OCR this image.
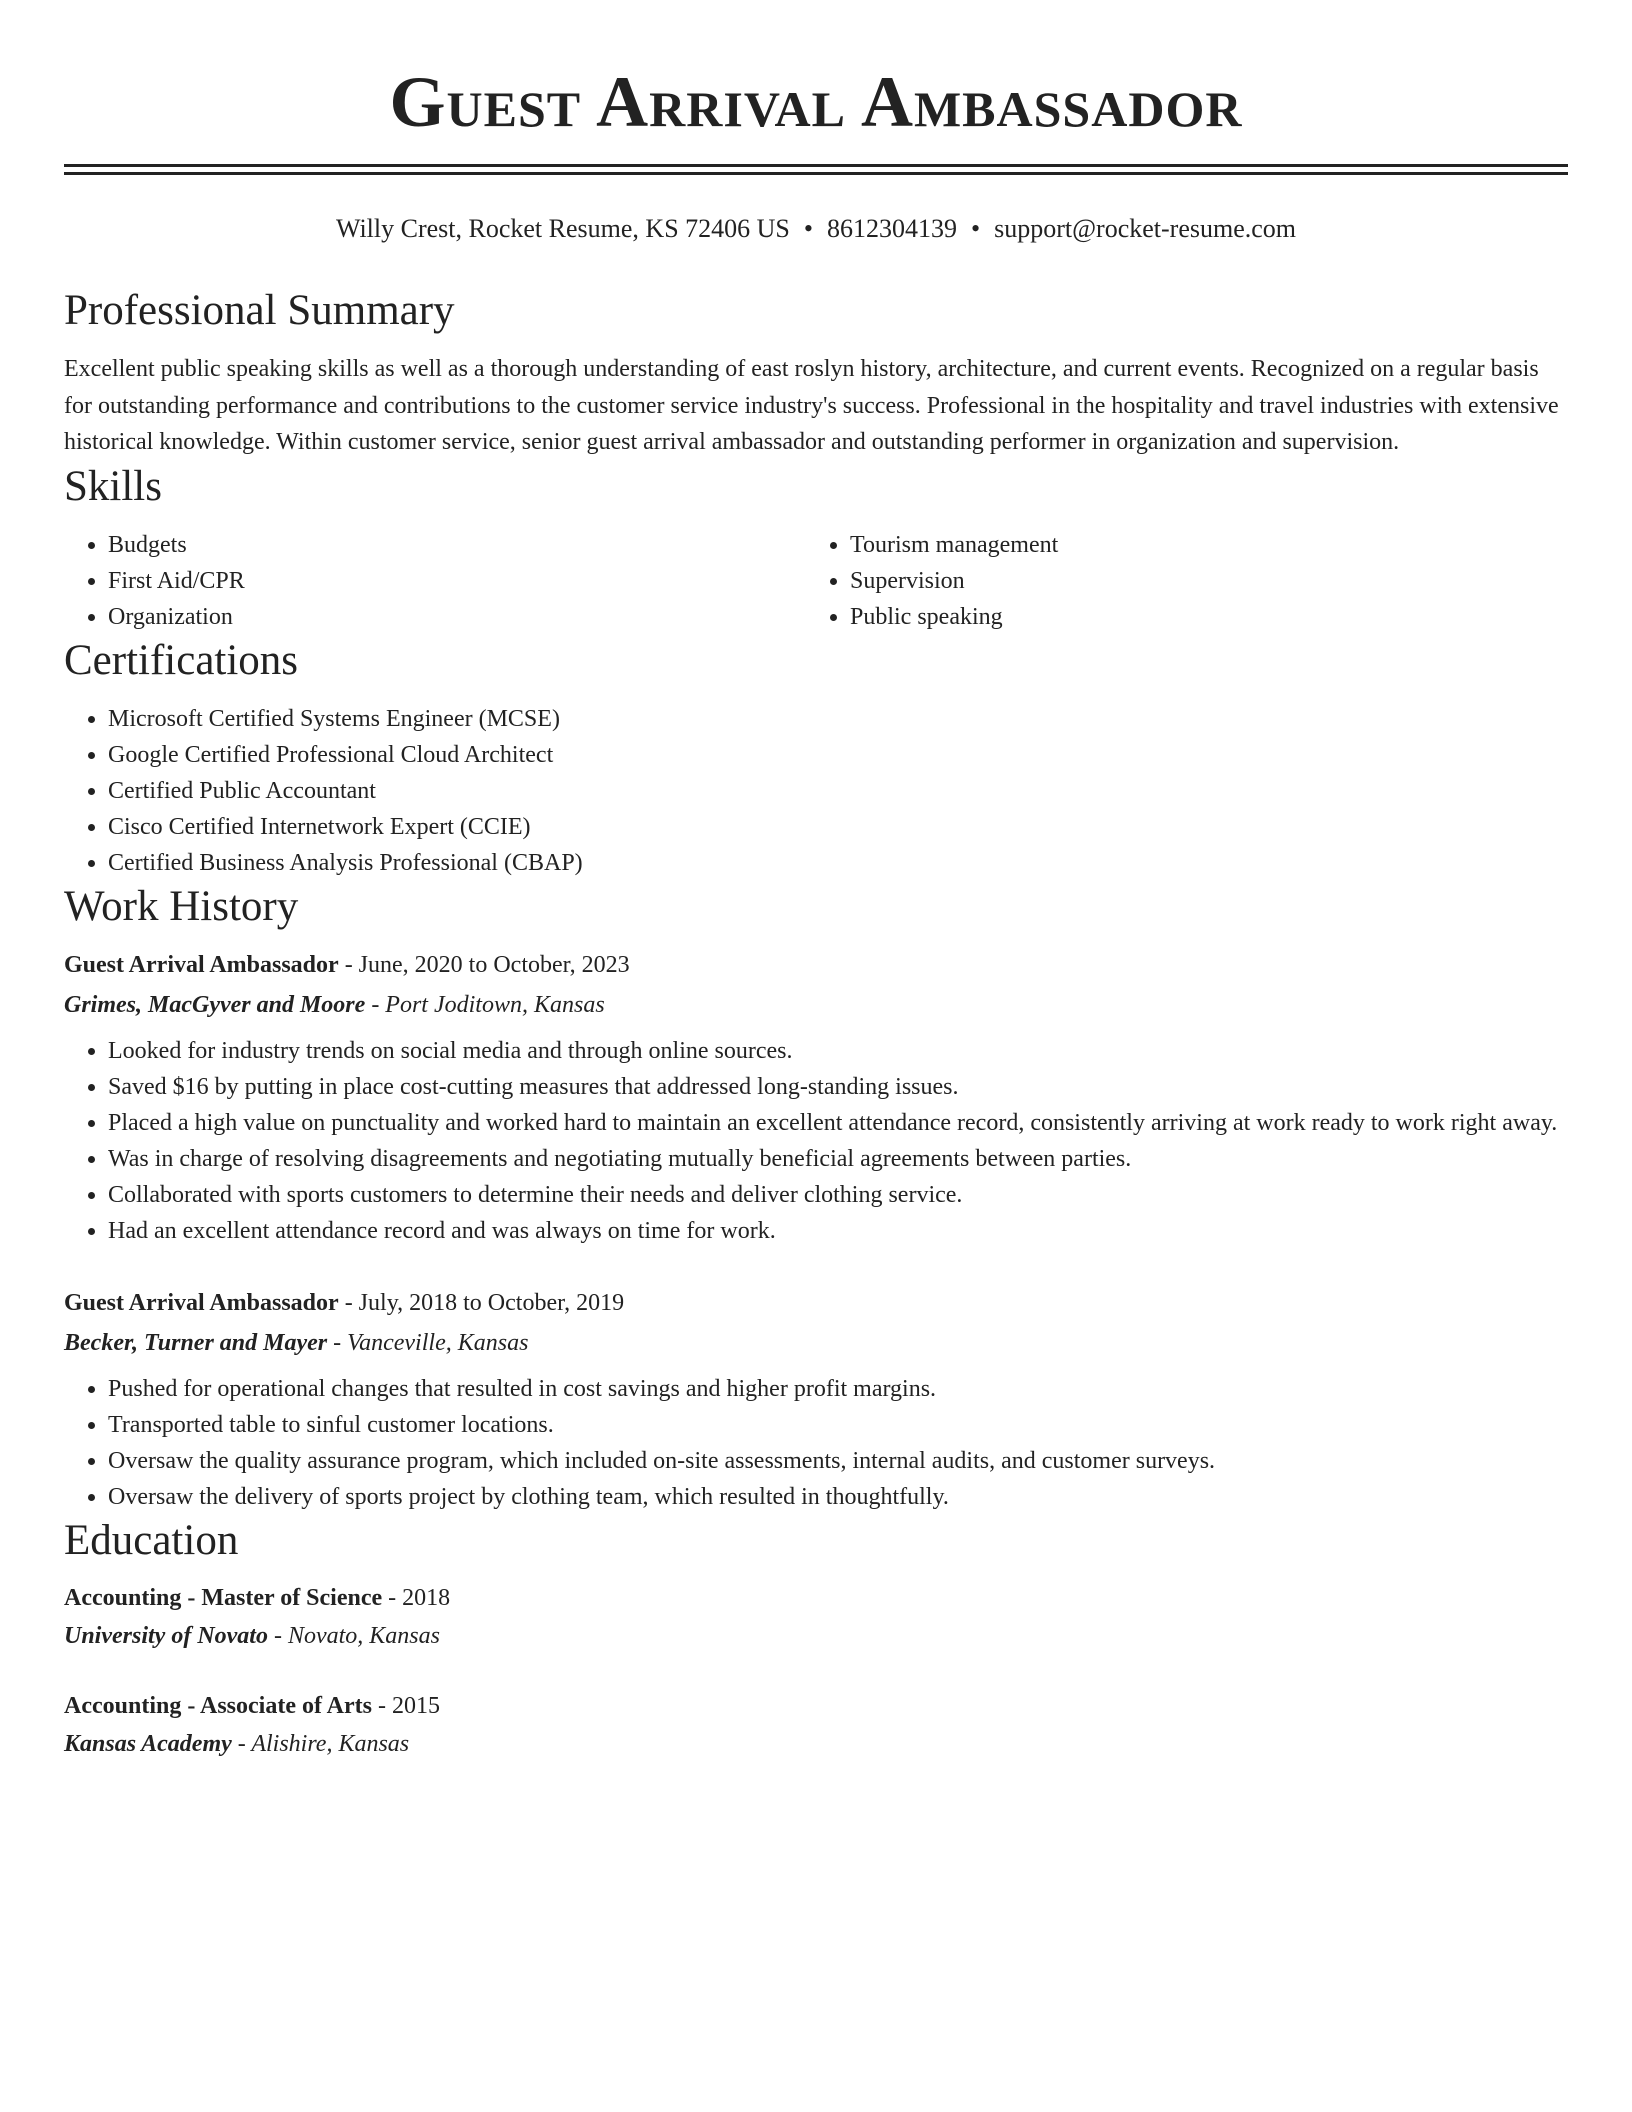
Guest Arrival Ambassador
Willy Crest, Rocket Resume, KS 72406 US • 8612304139 • support@rocket-resume.com
Professional Summary

Excellent public speaking skills as well as a thorough understanding of east roslyn history, architecture, and current events. Recognized on a regular basis for outstanding performance and contributions to the customer service industry's success. Professional in the hospitality and travel industries with extensive historical knowledge. Within customer service, senior guest arrival ambassador and outstanding performer in organization and supervision.

Skills
• Budgets
• First Aid/CPR
• Organization
• Tourism management
• Supervision
• Public speaking
Certifications
• Microsoft Certified Systems Engineer (MCSE)
• Google Certified Professional Cloud Architect
• Certified Public Accountant
• Cisco Certified Internetwork Expert (CCIE)
• Certified Business Analysis Professional (CBAP)
Work History
Guest Arrival Ambassador - June, 2020 to October, 2023
Grimes, MacGyver and Moore - Port Joditown, Kansas
• Looked for industry trends on social media and through online sources.
• Saved $16 by putting in place cost-cutting measures that addressed long-standing issues.
• Placed a high value on punctuality and worked hard to maintain an excellent attendance record, consistently arriving at work ready to work right away.
• Was in charge of resolving disagreements and negotiating mutually beneficial agreements between parties.
• Collaborated with sports customers to determine their needs and deliver clothing service.
• Had an excellent attendance record and was always on time for work.
Guest Arrival Ambassador - July, 2018 to October, 2019
Becker, Turner and Mayer - Vanceville, Kansas
• Pushed for operational changes that resulted in cost savings and higher profit margins.
• Transported table to sinful customer locations.
• Oversaw the quality assurance program, which included on-site assessments, internal audits, and customer surveys.
• Oversaw the delivery of sports project by clothing team, which resulted in thoughtfully.
Education
Accounting - Master of Science - 2018
University of Novato - Novato, Kansas
Accounting - Associate of Arts - 2015
Kansas Academy - Alishire, Kansas
